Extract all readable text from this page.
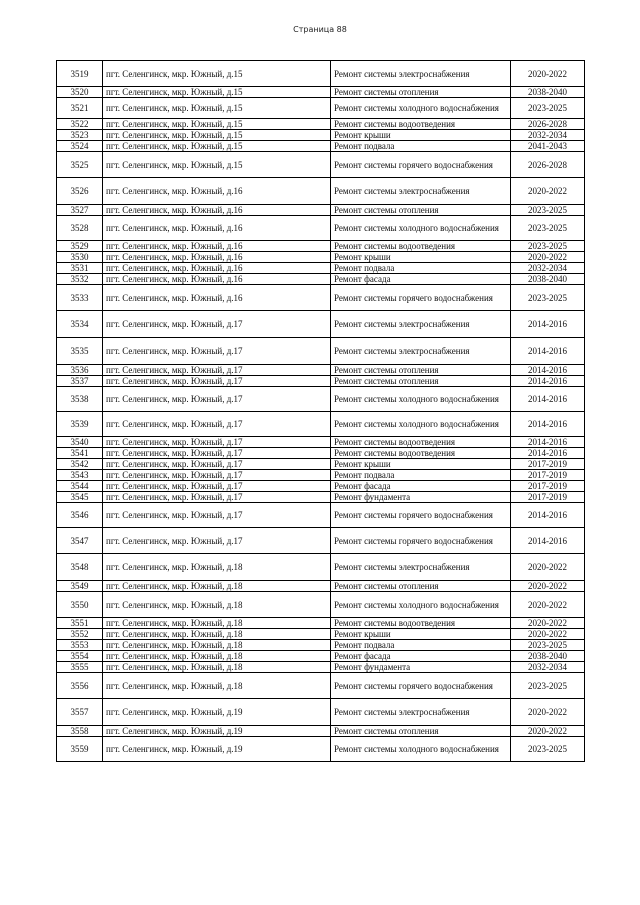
Страница 88
3519	пгт. Селенгинск, мкр. Южный, д.15	Ремонт системы электроснабжения	2020-2022
3520	пгт. Селенгинск, мкр. Южный, д.15	Ремонт системы отопления	2038-2040
3521	пгт. Селенгинск, мкр. Южный, д.15	Ремонт системы холодного водоснабжения	2023-2025
3522	пгт. Селенгинск, мкр. Южный, д.15	Ремонт системы водоотведения	2026-2028
3523	пгт. Селенгинск, мкр. Южный, д.15	Ремонт крыши	2032-2034
3524	пгт. Селенгинск, мкр. Южный, д.15	Ремонт подвала	2041-2043
3525	пгт. Селенгинск, мкр. Южный, д.15	Ремонт системы горячего водоснабжения	2026-2028
3526	пгт. Селенгинск, мкр. Южный, д.16	Ремонт системы электроснабжения	2020-2022
3527	пгт. Селенгинск, мкр. Южный, д.16	Ремонт системы отопления	2023-2025
3528	пгт. Селенгинск, мкр. Южный, д.16	Ремонт системы холодного водоснабжения	2023-2025
3529	пгт. Селенгинск, мкр. Южный, д.16	Ремонт системы водоотведения	2023-2025
3530	пгт. Селенгинск, мкр. Южный, д.16	Ремонт крыши	2020-2022
3531	пгт. Селенгинск, мкр. Южный, д.16	Ремонт подвала	2032-2034
3532	пгт. Селенгинск, мкр. Южный, д.16	Ремонт фасада	2038-2040
3533	пгт. Селенгинск, мкр. Южный, д.16	Ремонт системы горячего водоснабжения	2023-2025
3534	пгт. Селенгинск, мкр. Южный, д.17	Ремонт системы электроснабжения	2014-2016
3535	пгт. Селенгинск, мкр. Южный, д.17	Ремонт системы электроснабжения	2014-2016
3536	пгт. Селенгинск, мкр. Южный, д.17	Ремонт системы отопления	2014-2016
3537	пгт. Селенгинск, мкр. Южный, д.17	Ремонт системы отопления	2014-2016
3538	пгт. Селенгинск, мкр. Южный, д.17	Ремонт системы холодного водоснабжения	2014-2016
3539	пгт. Селенгинск, мкр. Южный, д.17	Ремонт системы холодного водоснабжения	2014-2016
3540	пгт. Селенгинск, мкр. Южный, д.17	Ремонт системы водоотведения	2014-2016
3541	пгт. Селенгинск, мкр. Южный, д.17	Ремонт системы водоотведения	2014-2016
3542	пгт. Селенгинск, мкр. Южный, д.17	Ремонт крыши	2017-2019
3543	пгт. Селенгинск, мкр. Южный, д.17	Ремонт подвала	2017-2019
3544	пгт. Селенгинск, мкр. Южный, д.17	Ремонт фасада	2017-2019
3545	пгт. Селенгинск, мкр. Южный, д.17	Ремонт фундамента	2017-2019
3546	пгт. Селенгинск, мкр. Южный, д.17	Ремонт системы горячего водоснабжения	2014-2016
3547	пгт. Селенгинск, мкр. Южный, д.17	Ремонт системы горячего водоснабжения	2014-2016
3548	пгт. Селенгинск, мкр. Южный, д.18	Ремонт системы электроснабжения	2020-2022
3549	пгт. Селенгинск, мкр. Южный, д.18	Ремонт системы отопления	2020-2022
3550	пгт. Селенгинск, мкр. Южный, д.18	Ремонт системы холодного водоснабжения	2020-2022
3551	пгт. Селенгинск, мкр. Южный, д.18	Ремонт системы водоотведения	2020-2022
3552	пгт. Селенгинск, мкр. Южный, д.18	Ремонт крыши	2020-2022
3553	пгт. Селенгинск, мкр. Южный, д.18	Ремонт подвала	2023-2025
3554	пгт. Селенгинск, мкр. Южный, д.18	Ремонт фасада	2038-2040
3555	пгт. Селенгинск, мкр. Южный, д.18	Ремонт фундамента	2032-2034
3556	пгт. Селенгинск, мкр. Южный, д.18	Ремонт системы горячего водоснабжения	2023-2025
3557	пгт. Селенгинск, мкр. Южный, д.19	Ремонт системы электроснабжения	2020-2022
3558	пгт. Селенгинск, мкр. Южный, д.19	Ремонт системы отопления	2020-2022
3559	пгт. Селенгинск, мкр. Южный, д.19	Ремонт системы холодного водоснабжения	2023-2025
